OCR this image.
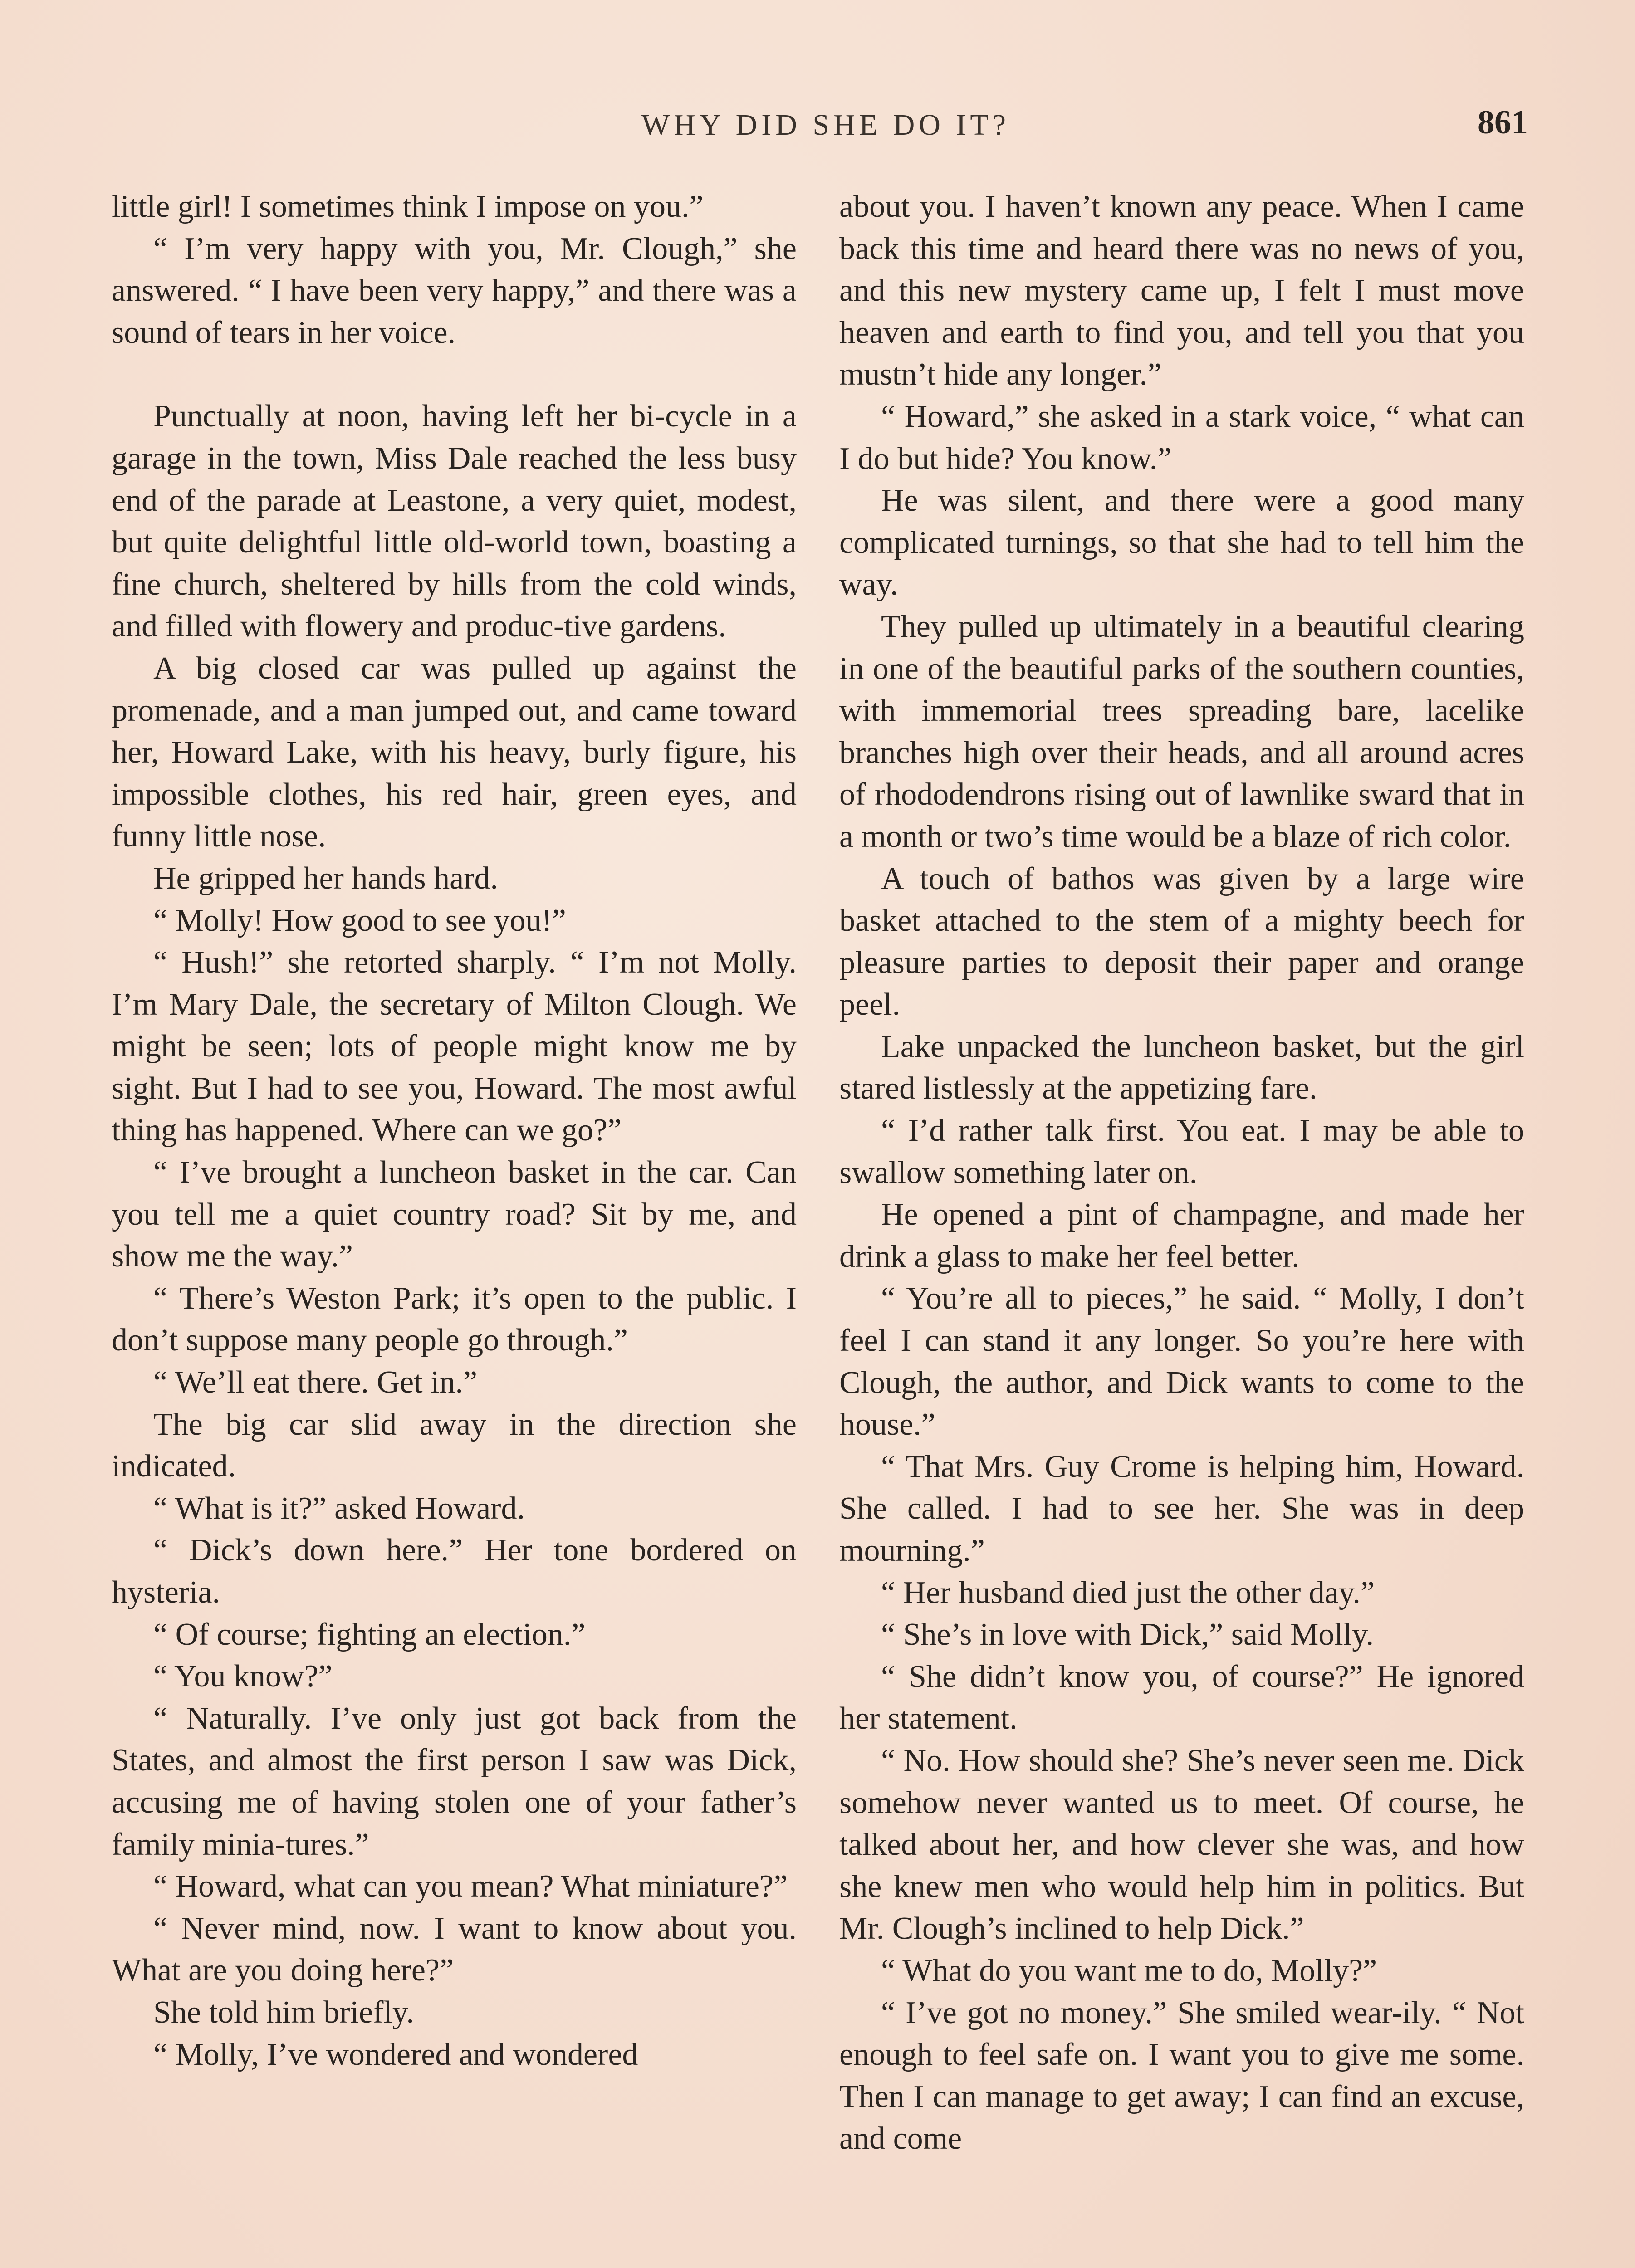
WHY DID SHE DO IT?	861

little girl! I sometimes think I impose on you.”

“ I’m very happy with you, Mr. Clough,” she answered. “ I have been very happy,” and there was a sound of tears in her voice.

Punctually at noon, having left her bi-cycle in a garage in the town, Miss Dale reached the less busy end of the parade at Leastone, a very quiet, modest, but quite delightful little old-world town, boasting a fine church, sheltered by hills from the cold winds, and filled with flowery and produc-tive gardens.

A big closed car was pulled up against the promenade, and a man jumped out, and came toward her, Howard Lake, with his heavy, burly figure, his impossible clothes, his red hair, green eyes, and funny little nose.

He gripped her hands hard.

“ Molly! How good to see you!”

“ Hush!” she retorted sharply. “ I’m not Molly. I’m Mary Dale, the secretary of Milton Clough. We might be seen; lots of people might know me by sight. But I had to see you, Howard. The most awful thing has happened. Where can we go?”

“ I’ve brought a luncheon basket in the car. Can you tell me a quiet country road? Sit by me, and show me the way.”

“ There’s Weston Park; it’s open to the public. I don’t suppose many people go through.”

“ We’ll eat there. Get in.”

The big car slid away in the direction she indicated.

“ What is it?” asked Howard.

“ Dick’s down here.” Her tone bordered on hysteria.

“ Of course; fighting an election.”

“ You know?”

“ Naturally. I’ve only just got back from the States, and almost the first person I saw was Dick, accusing me of having stolen one of your father’s family minia-tures.”

“ Howard, what can you mean? What miniature?”

“ Never mind, now. I want to know about you. What are you doing here?”

She told him briefly.

“ Molly, I’ve wondered and wondered

about you. I haven’t known any peace. When I came back this time and heard there was no news of you, and this new mystery came up, I felt I must move heaven and earth to find you, and tell you that you mustn’t hide any longer.”

“ Howard,” she asked in a stark voice, “ what can I do but hide? You know.”

He was silent, and there were a good many complicated turnings, so that she had to tell him the way.

They pulled up ultimately in a beautiful clearing in one of the beautiful parks of the southern counties, with immemorial trees spreading bare, lacelike branches high over their heads, and all around acres of rhododendrons rising out of lawnlike sward that in a month or two’s time would be a blaze of rich color.

A touch of bathos was given by a large wire basket attached to the stem of a mighty beech for pleasure parties to deposit their paper and orange peel.

Lake unpacked the luncheon basket, but the girl stared listlessly at the appetizing fare.

“ I’d rather talk first. You eat. I may be able to swallow something later on.

He opened a pint of champagne, and made her drink a glass to make her feel better.

“ You’re all to pieces,” he said. “ Molly, I don’t feel I can stand it any longer. So you’re here with Clough, the author, and Dick wants to come to the house.”

“ That Mrs. Guy Crome is helping him, Howard. She called. I had to see her. She was in deep mourning.”

“ Her husband died just the other day.”

“ She’s in love with Dick,” said Molly.

“ She didn’t know you, of course?” He ignored her statement.

“ No. How should she? She’s never seen me. Dick somehow never wanted us to meet. Of course, he talked about her, and how clever she was, and how she knew men who would help him in politics. But Mr. Clough’s inclined to help Dick.”

“ What do you want me to do, Molly?”

“ I’ve got no money.” She smiled wear-ily. “ Not enough to feel safe on. I want you to give me some. Then I can manage to get away; I can find an excuse, and come
